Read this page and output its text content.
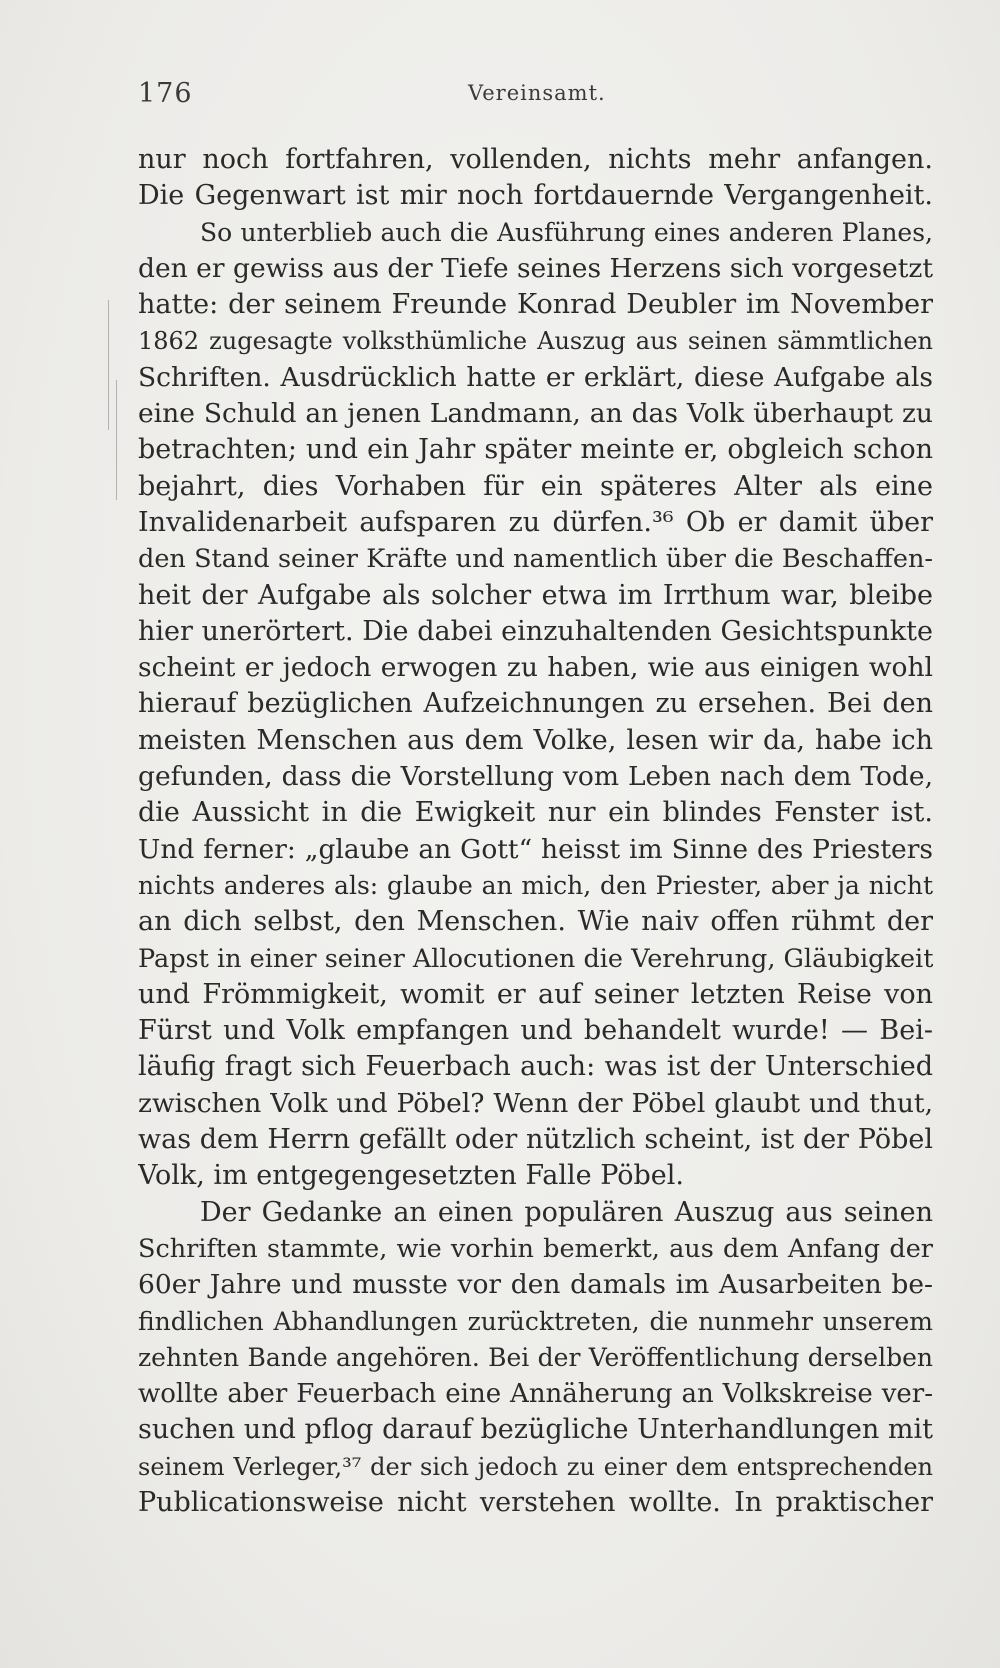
176	Vereinsamt.
nur noch fortfahren, vollenden, nichts mehr anfangen.
Die Gegenwart ist mir noch fortdauernde Vergangenheit.
So unterblieb auch die Ausführung eines anderen Planes,
den er gewiss aus der Tiefe seines Herzens sich vorgesetzt
hatte: der seinem Freunde Konrad Deubler im November
1862 zugesagte volksthümliche Auszug aus seinen sämmtlichen
Schriften. Ausdrücklich hatte er erklärt, diese Aufgabe als
eine Schuld an jenen Landmann, an das Volk überhaupt zu
betrachten; und ein Jahr später meinte er, obgleich schon
bejahrt, dies Vorhaben für ein späteres Alter als eine
Invalidenarbeit aufsparen zu dürfen.³⁶ Ob er damit über
den Stand seiner Kräfte und namentlich über die Beschaffen-
heit der Aufgabe als solcher etwa im Irrthum war, bleibe
hier unerörtert. Die dabei einzuhaltenden Gesichtspunkte
scheint er jedoch erwogen zu haben, wie aus einigen wohl
hierauf bezüglichen Aufzeichnungen zu ersehen. Bei den
meisten Menschen aus dem Volke, lesen wir da, habe ich
gefunden, dass die Vorstellung vom Leben nach dem Tode,
die Aussicht in die Ewigkeit nur ein blindes Fenster ist.
Und ferner: „glaube an Gott“ heisst im Sinne des Priesters
nichts anderes als: glaube an mich, den Priester, aber ja nicht
an dich selbst, den Menschen. Wie naiv offen rühmt der
Papst in einer seiner Allocutionen die Verehrung, Gläubigkeit
und Frömmigkeit, womit er auf seiner letzten Reise von
Fürst und Volk empfangen und behandelt wurde! — Bei-
läufig fragt sich Feuerbach auch: was ist der Unterschied
zwischen Volk und Pöbel? Wenn der Pöbel glaubt und thut,
was dem Herrn gefällt oder nützlich scheint, ist der Pöbel
Volk, im entgegengesetzten Falle Pöbel.
Der Gedanke an einen populären Auszug aus seinen
Schriften stammte, wie vorhin bemerkt, aus dem Anfang der
60er Jahre und musste vor den damals im Ausarbeiten be-
findlichen Abhandlungen zurücktreten, die nunmehr unserem
zehnten Bande angehören. Bei der Veröffentlichung derselben
wollte aber Feuerbach eine Annäherung an Volkskreise ver-
suchen und pflog darauf bezügliche Unterhandlungen mit
seinem Verleger,³⁷ der sich jedoch zu einer dem entsprechenden
Publicationsweise nicht verstehen wollte. In praktischer
